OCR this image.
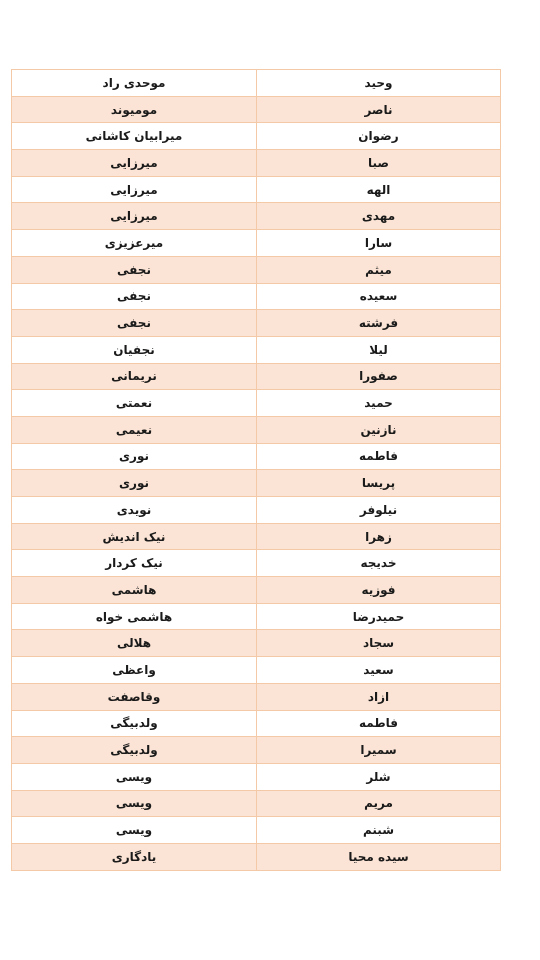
وحید	موحدی راد
ناصر	مومیوند
رضوان	میرابیان کاشانی
صبا	میرزایی
الهه	میرزایی
مهدی	میرزایی
سارا	میرعزیزی
میثم	نجفی
سعیده	نجفی
فرشته	نجفی
لیلا	نجفیان
صفورا	نریمانی
حمید	نعمتی
نازنین	نعیمی
فاطمه	نوری
پریسا	نوری
نیلوفر	نویدی
زهرا	نیک اندیش
خدیجه	نیک کردار
فوزیه	هاشمی
حمیدرضا	هاشمی خواه
سجاد	هلالی
سعید	واعظی
ازاد	وقاصفت
فاطمه	ولدبیگی
سمیرا	ولدبیگی
شلر	ویسی
مریم	ویسی
شبنم	ویسی
سیده محیا	یادگاری
